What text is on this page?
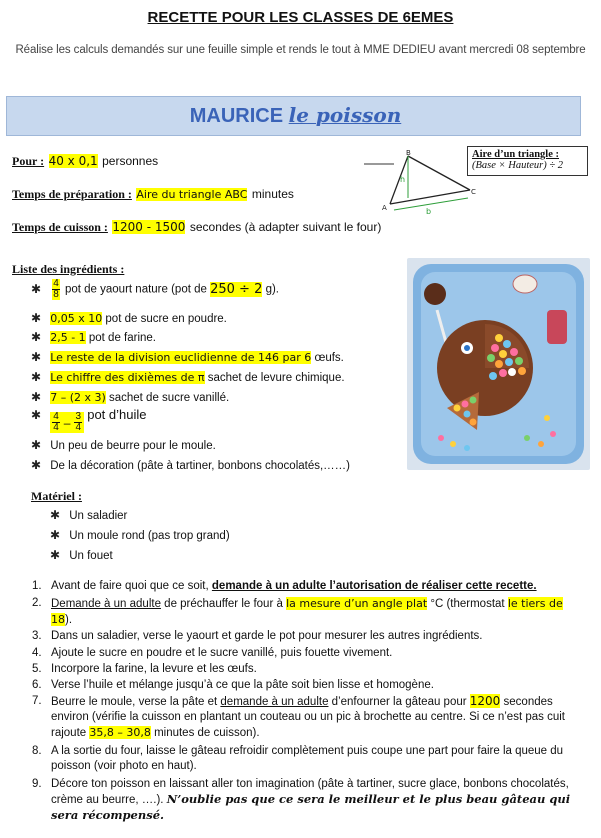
RECETTE POUR LES CLASSES DE 6EMES
Réalise les calculs demandés sur une feuille simple et rends le tout à MME DEDIEU avant mercredi 08 septembre
MAURICE le poisson
Pour : 40 x 0,1 personnes
Temps de préparation : Aire du triangle ABC minutes
Temps de cuisson : 1200 - 1500 secondes (à adapter suivant le four)
B
A
C
h
b
Aire d’un triangle :
(Base × Hauteur) ÷ 2
Liste des ingrédients :
✱ $\frac{4}{8}$ pot de yaourt nature (pot de 250 ÷ 2 g).
✱ 0,05 x 10 pot de sucre en poudre.
✱ 2,5 - 1 pot de farine.
✱ Le reste de la division euclidienne de 146 par 6 œufs.
✱ Le chiffre des dixièmes de π sachet de levure chimique.
✱ 7 – (2 x 3) sachet de sucre vanillé.
✱ $\frac{4}{4} - \frac{3}{4}$ pot d’huile
✱ Un peu de beurre pour le moule.
✱ De la décoration (pâte à tartiner, bonbons chocolatés,……)
Matériel :
✱ Un saladier
✱ Un moule rond (pas trop grand)
✱ Un fouet
1. Avant de faire quoi que ce soit, demande à un adulte l’autorisation de réaliser cette recette.
2. Demande à un adulte de préchauffer le four à la mesure d’un angle plat °C (thermostat le tiers de 18).
3. Dans un saladier, verse le yaourt et garde le pot pour mesurer les autres ingrédients.
4. Ajoute le sucre en poudre et le sucre vanillé, puis fouette vivement.
5. Incorpore la farine, la levure et les œufs.
6. Verse l’huile et mélange jusqu’à ce que la pâte soit bien lisse et homogène.
7. Beurre le moule, verse la pâte et demande à un adulte d’enfourner la gâteau pour 1200 secondes environ (vérifie la cuisson en plantant un couteau ou un pic à brochette au centre. Si ce n’est pas cuit rajoute 35,8 – 30,8 minutes de cuisson).
8. A la sortie du four, laisse le gâteau refroidir complètement puis coupe une part pour faire la queue du poisson (voir photo en haut).
9. Décore ton poisson en laissant aller ton imagination (pâte à tartiner, sucre glace, bonbons chocolatés, crème au beurre, ….). N’oublie pas que ce sera le meilleur et le plus beau gâteau qui sera récompensé.
